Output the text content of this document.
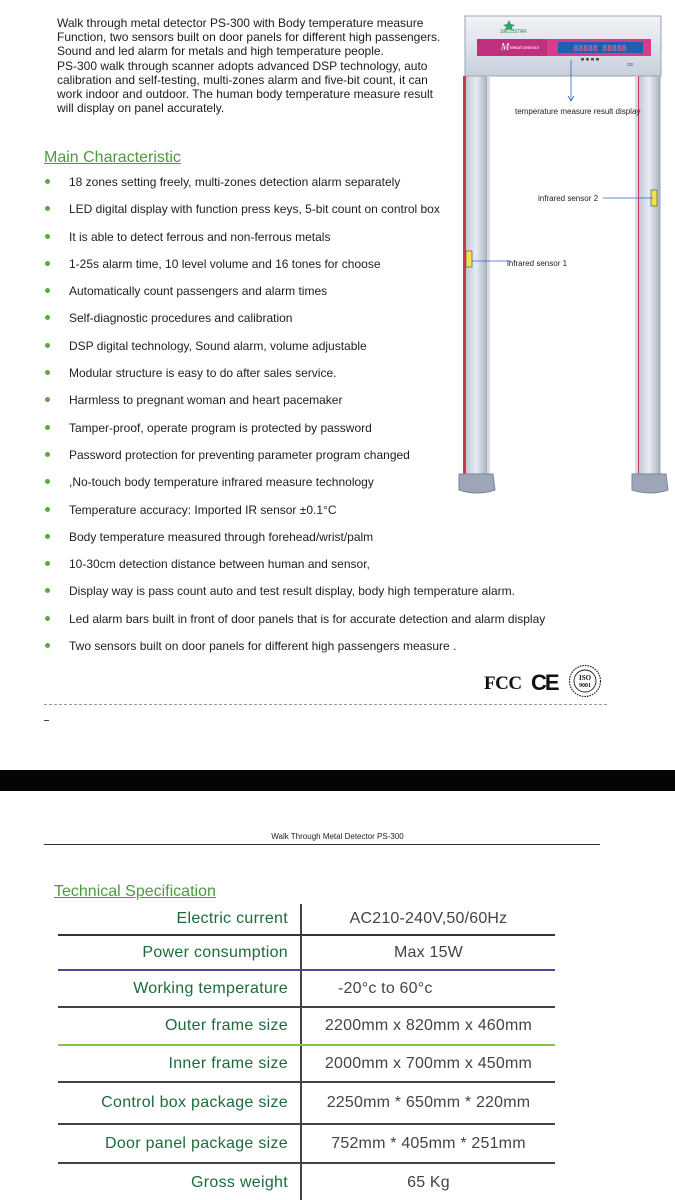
Walk through metal detector PS-300 with Body temperature measure

Function, two sensors built on door panels for different high passengers.

Sound and led alarm for metals and high temperature people.

PS-300 walk through scanner adopts advanced DSP technology, auto

calibration and self-testing, multi-zones alarm and five-bit count, it can

work indoor and outdoor. The human body temperature measure result

will display on panel accurately.

88888 88888
M Metal Detector
SECUSTAR
CE
temperature measure result display
infrared sensor 2
infrared sensor 1
Main Characteristic
18 zones setting freely, multi-zones detection alarm separately
LED digital display with function press keys, 5-bit count on control box
It is able to detect ferrous and non-ferrous metals
1-25s alarm time, 10 level volume and 16 tones for choose
Automatically count passengers and alarm times
Self-diagnostic procedures and calibration
DSP digital technology, Sound alarm, volume adjustable
Modular structure is easy to do after sales service.
Harmless to pregnant woman and heart pacemaker
Tamper-proof, operate program is protected by password
Password protection for preventing parameter program changed
,No-touch body temperature infrared measure technology
Temperature accuracy: Imported IR sensor ±0.1°C
Body temperature measured through forehead/wrist/palm
10-30cm detection distance between human and sensor,
Display way is pass count auto and test result display, body high temperature alarm.
Led alarm bars built in front of door panels that is for accurate detection and alarm display
Two sensors built on door panels for different high passengers measure .
FCC CE	ISO
9001
Walk Through Metal Detector PS-300
Technical Specification
Electric current	AC210-240V,50/60Hz
Power consumption	Max 15W
Working temperature	-20°c to 60°c
Outer frame size	2200mm x 820mm x 460mm
Inner frame size	2000mm x 700mm x 450mm
Control box package size	2250mm * 650mm * 220mm
Door panel package size	752mm * 405mm * 251mm
Gross weight	65 Kg
